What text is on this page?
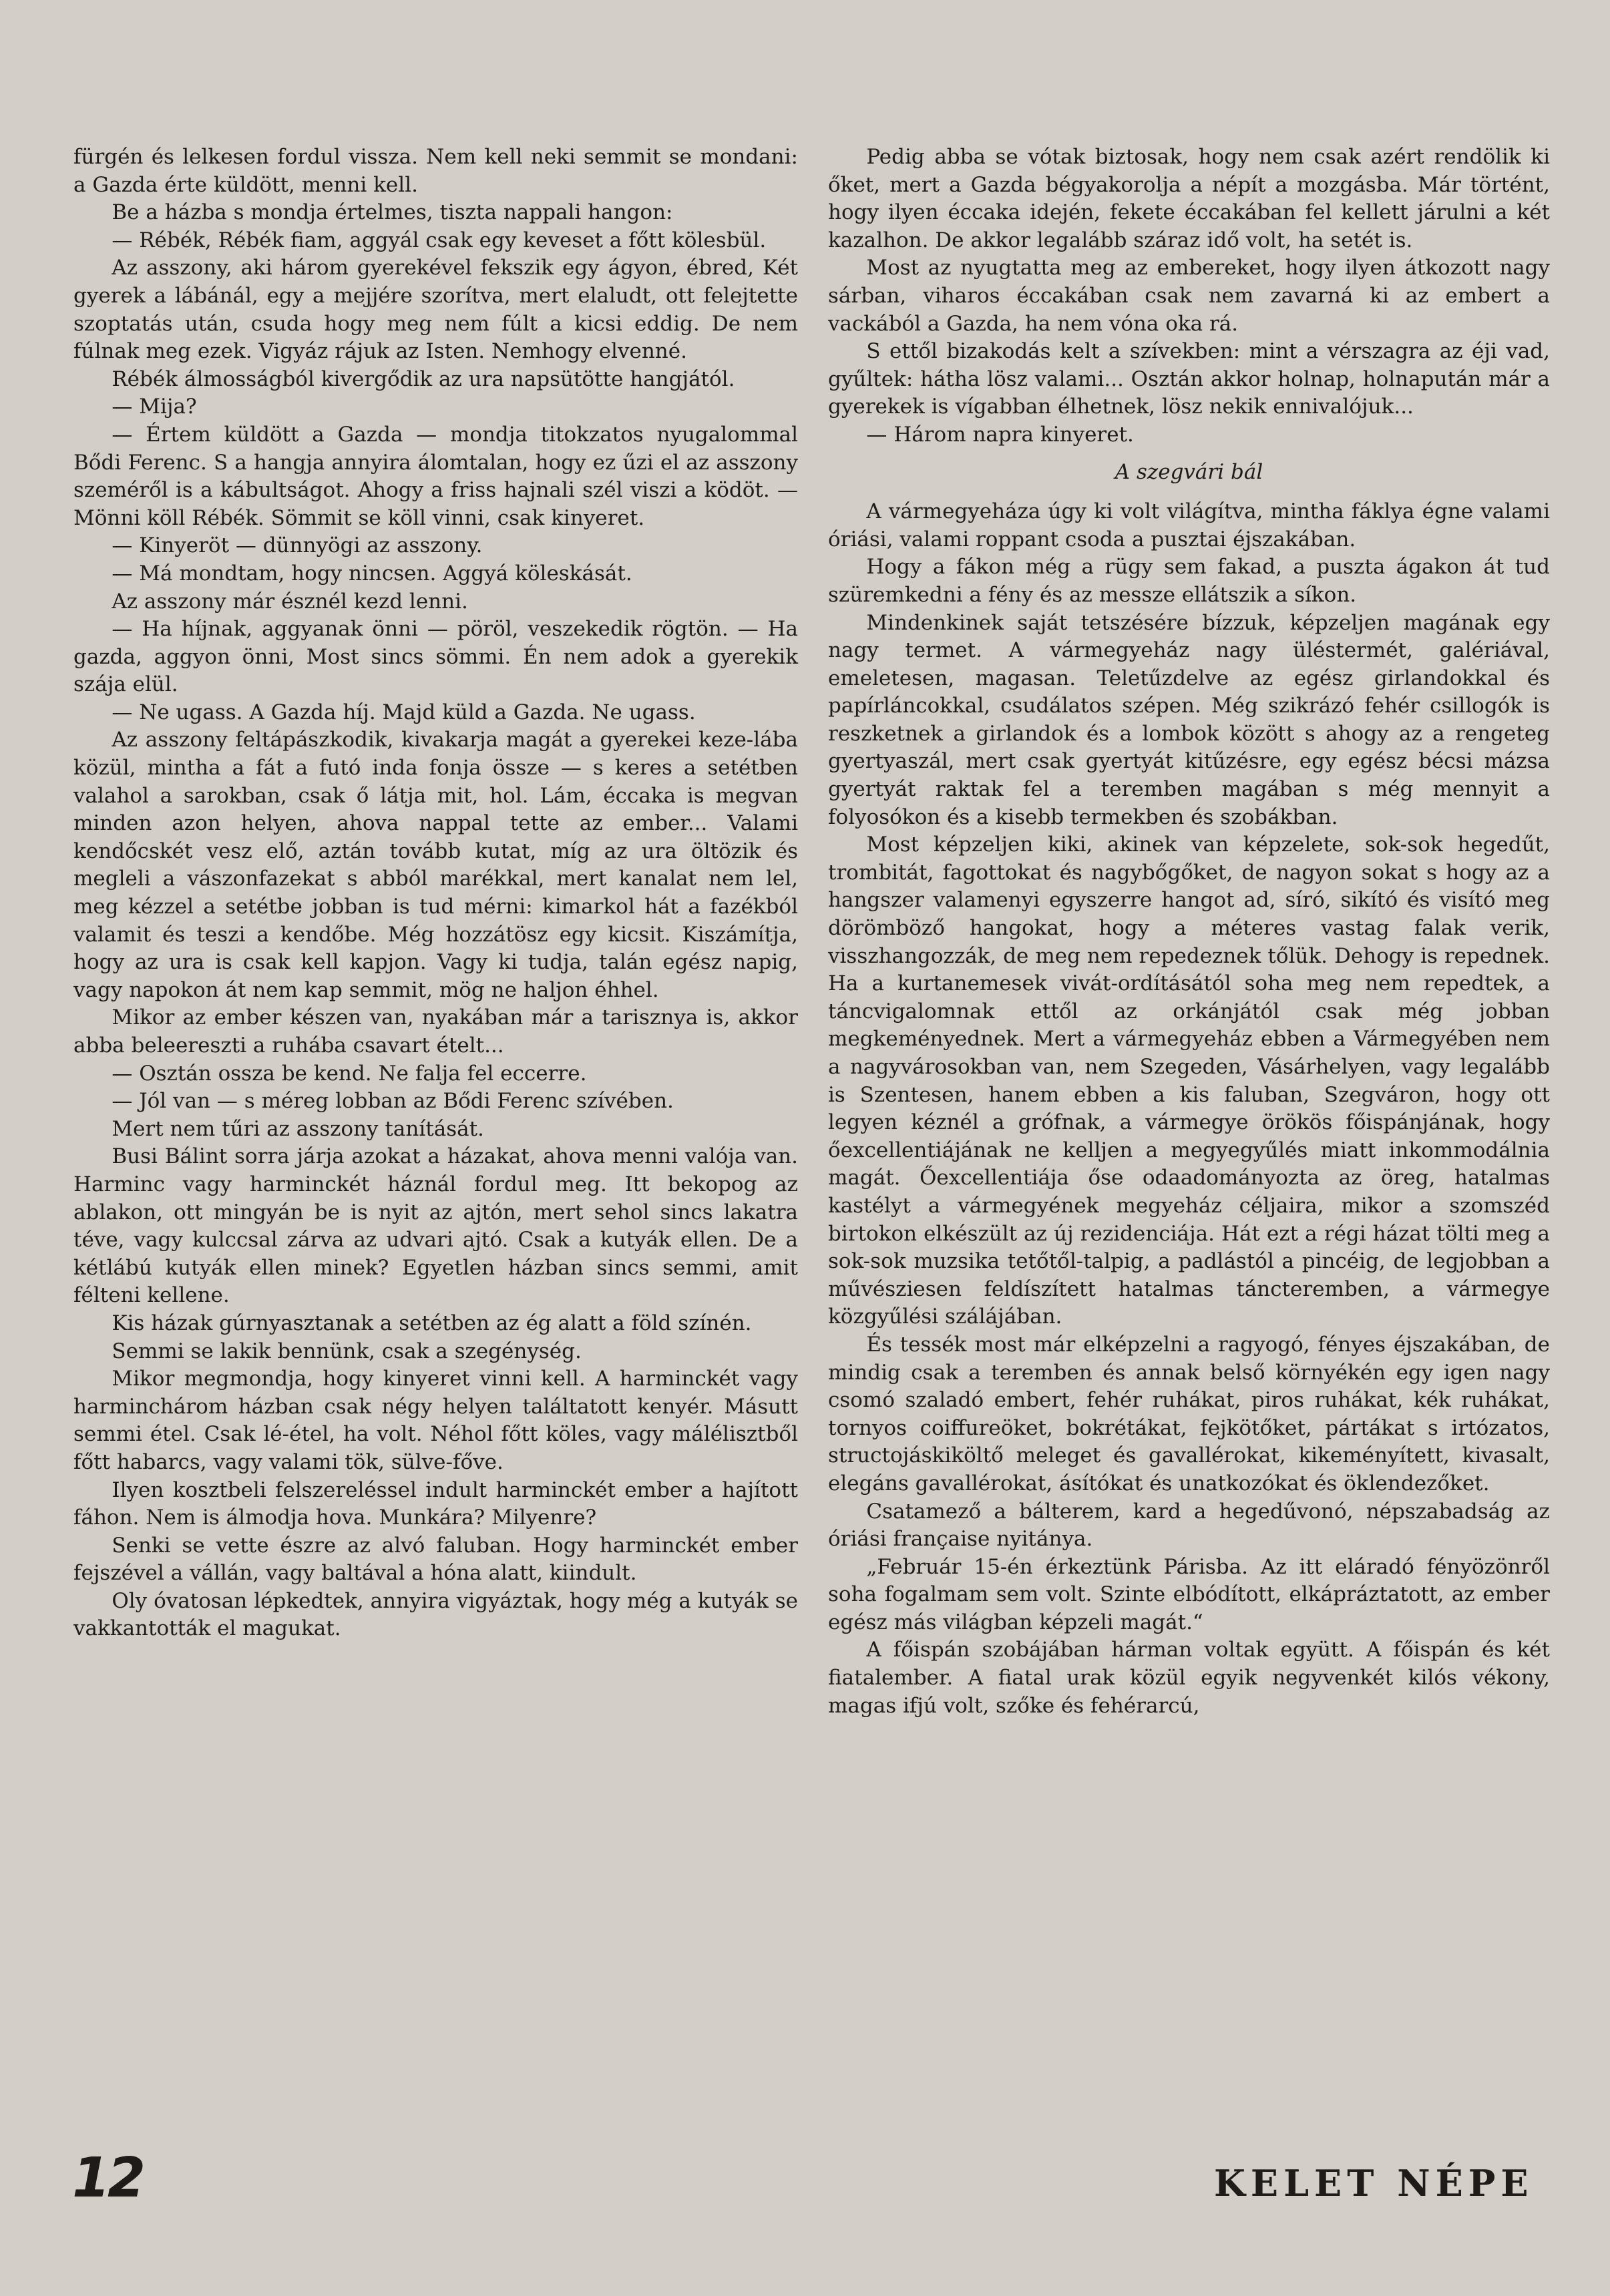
fürgén és lelkesen fordul vissza. Nem kell neki semmit se mondani: a Gazda érte küldött, menni kell.

Be a házba s mondja értelmes, tiszta nappali hangon:

— Rébék, Rébék fiam, aggyál csak egy keveset a főtt kölesbül.

Az asszony, aki három gyerekével fekszik egy ágyon, ébred, Két gyerek a lábánál, egy a mejjére szorítva, mert elaludt, ott felejtette szoptatás után, csuda hogy meg nem fúlt a kicsi eddig. De nem fúlnak meg ezek. Vigyáz rájuk az Isten. Nemhogy elvenné.

Rébék álmosságból kivergődik az ura napsütötte hangjától.

— Mija?

— Értem küldött a Gazda — mondja titokzatos nyugalommal Bődi Ferenc. S a hangja annyira álomtalan, hogy ez űzi el az asszony szeméről is a kábultságot. Ahogy a friss hajnali szél viszi a ködöt. — Mönni köll Rébék. Sömmit se köll vinni, csak kinyeret.

— Kinyeröt — dünnyögi az asszony.

— Má mondtam, hogy nincsen. Aggyá köleskását.

Az asszony már észnél kezd lenni.

— Ha híjnak, aggyanak önni — pöröl, veszekedik rögtön. — Ha gazda, aggyon önni, Most sincs sömmi. Én nem adok a gyerekik szája elül.

— Ne ugass. A Gazda híj. Majd küld a Gazda. Ne ugass.

Az asszony feltápászkodik, kivakarja magát a gyerekei keze-lába közül, mintha a fát a futó inda fonja össze — s keres a setétben valahol a sarokban, csak ő látja mit, hol. Lám, éccaka is megvan minden azon helyen, ahova nappal tette az ember... Valami kendőcskét vesz elő, aztán tovább kutat, míg az ura öltözik és megleli a vászonfazekat s abból marékkal, mert kanalat nem lel, meg kézzel a setétbe jobban is tud mérni: kimarkol hát a fazékból valamit és teszi a kendőbe. Még hozzátösz egy kicsit. Kiszámítja, hogy az ura is csak kell kapjon. Vagy ki tudja, talán egész napig, vagy napokon át nem kap semmit, mög ne haljon éhhel.

Mikor az ember készen van, nyakában már a tarisznya is, akkor abba beleereszti a ruhába csavart ételt...

— Osztán ossza be kend. Ne falja fel eccerre.

— Jól van — s méreg lobban az Bődi Ferenc szívében.

Mert nem tűri az asszony tanítását.

Busi Bálint sorra járja azokat a házakat, ahova menni valója van. Harminc vagy harminckét háznál fordul meg. Itt bekopog az ablakon, ott mingyán be is nyit az ajtón, mert sehol sincs lakatra téve, vagy kulccsal zárva az udvari ajtó. Csak a kutyák ellen. De a kétlábú kutyák ellen minek? Egyetlen házban sincs semmi, amit félteni kellene.

Kis házak gúrnyasztanak a setétben az ég alatt a föld színén.

Semmi se lakik bennünk, csak a szegénység.

Mikor megmondja, hogy kinyeret vinni kell. A harminckét vagy harminchárom házban csak négy helyen találtatott kenyér. Másutt semmi étel. Csak lé-étel, ha volt. Néhol főtt köles, vagy málélisztből főtt habarcs, vagy valami tök, sülve-főve.

Ilyen kosztbeli felszereléssel indult harminckét ember a hajított fáhon. Nem is álmodja hova. Munkára? Milyenre?

Senki se vette észre az alvó faluban. Hogy harminckét ember fejszével a vállán, vagy baltával a hóna alatt, kiindult.

Oly óvatosan lépkedtek, annyira vigyáztak, hogy még a kutyák se vakkantották el magukat.

Pedig abba se vótak biztosak, hogy nem csak azért rendölik ki őket, mert a Gazda bégyakorolja a népít a mozgásba. Már történt, hogy ilyen éccaka idején, fekete éccakában fel kellett járulni a két kazalhon. De akkor legalább száraz idő volt, ha setét is.

Most az nyugtatta meg az embereket, hogy ilyen átkozott nagy sárban, viharos éccakában csak nem zavarná ki az embert a vackából a Gazda, ha nem vóna oka rá.

S ettől bizakodás kelt a szívekben: mint a vérszagra az éji vad, gyűltek: hátha lösz valami... Osztán akkor holnap, holnapután már a gyerekek is vígabban élhetnek, lösz nekik ennivalójuk...

— Három napra kinyeret.

A szegvári bál

A vármegyeháza úgy ki volt világítva, mintha fáklya égne valami óriási, valami roppant csoda a pusztai éjszakában.

Hogy a fákon még a rügy sem fakad, a puszta ágakon át tud szüremkedni a fény és az messze ellátszik a síkon.

Mindenkinek saját tetszésére bízzuk, képzeljen magának egy nagy termet. A vármegyeház nagy üléstermét, galériával, emeletesen, magasan. Teletűzdelve az egész girlandokkal és papírláncokkal, csudálatos szépen. Még szikrázó fehér csillogók is reszketnek a girlandok és a lombok között s ahogy az a rengeteg gyertyaszál, mert csak gyertyát kitűzésre, egy egész bécsi mázsa gyertyát raktak fel a teremben magában s még mennyit a folyosókon és a kisebb termekben és szobákban.

Most képzeljen kiki, akinek van képzelete, sok-sok hegedűt, trombitát, fagottokat és nagybőgőket, de nagyon sokat s hogy az a hangszer valamenyi egyszerre hangot ad, síró, sikító és visító meg dörömböző hangokat, hogy a méteres vastag falak verik, visszhangozzák, de meg nem repedeznek tőlük. Dehogy is repednek. Ha a kurtanemesek vivát-ordításától soha meg nem repedtek, a táncvigalomnak ettől az orkánjától csak még jobban megkeményednek. Mert a vármegyeház ebben a Vármegyében nem a nagyvárosokban van, nem Szegeden, Vásárhelyen, vagy legalább is Szentesen, hanem ebben a kis faluban, Szegváron, hogy ott legyen kéznél a grófnak, a vármegye örökös főispánjának, hogy őexcellentiájának ne kelljen a megyegyűlés miatt inkommodálnia magát. Őexcellentiája őse odaadományozta az öreg, hatalmas kastélyt a vármegyének megyeház céljaira, mikor a szomszéd birtokon elkészült az új rezidenciája. Hát ezt a régi házat tölti meg a sok-sok muzsika tetőtől-talpig, a padlástól a pincéig, de legjobban a művésziesen feldíszített hatalmas táncteremben, a vármegye közgyűlési szálájában.

És tessék most már elképzelni a ragyogó, fényes éjszakában, de mindig csak a teremben és annak belső környékén egy igen nagy csomó szaladó embert, fehér ruhákat, piros ruhákat, kék ruhákat, tornyos coiffureöket, bokrétákat, fejkötőket, pártákat s irtózatos, structojáskiköltő meleget és gavallérokat, kikeményített, kivasalt, elegáns gavallérokat, ásítókat és unatkozókat és öklendezőket.

Csatamező a bálterem, kard a hegedűvonó, népszabadság az óriási française nyitánya.

„Február 15-én érkeztünk Párisba. Az itt eláradó fényözönről soha fogalmam sem volt. Szinte elbódított, elkápráztatott, az ember egész más világban képzeli magát.“

A főispán szobájában hárman voltak együtt. A főispán és két fiatalember. A fiatal urak közül egyik negyvenkét kilós vékony, magas ifjú volt, szőke és fehérarcú,

12	KELET NÉPE
